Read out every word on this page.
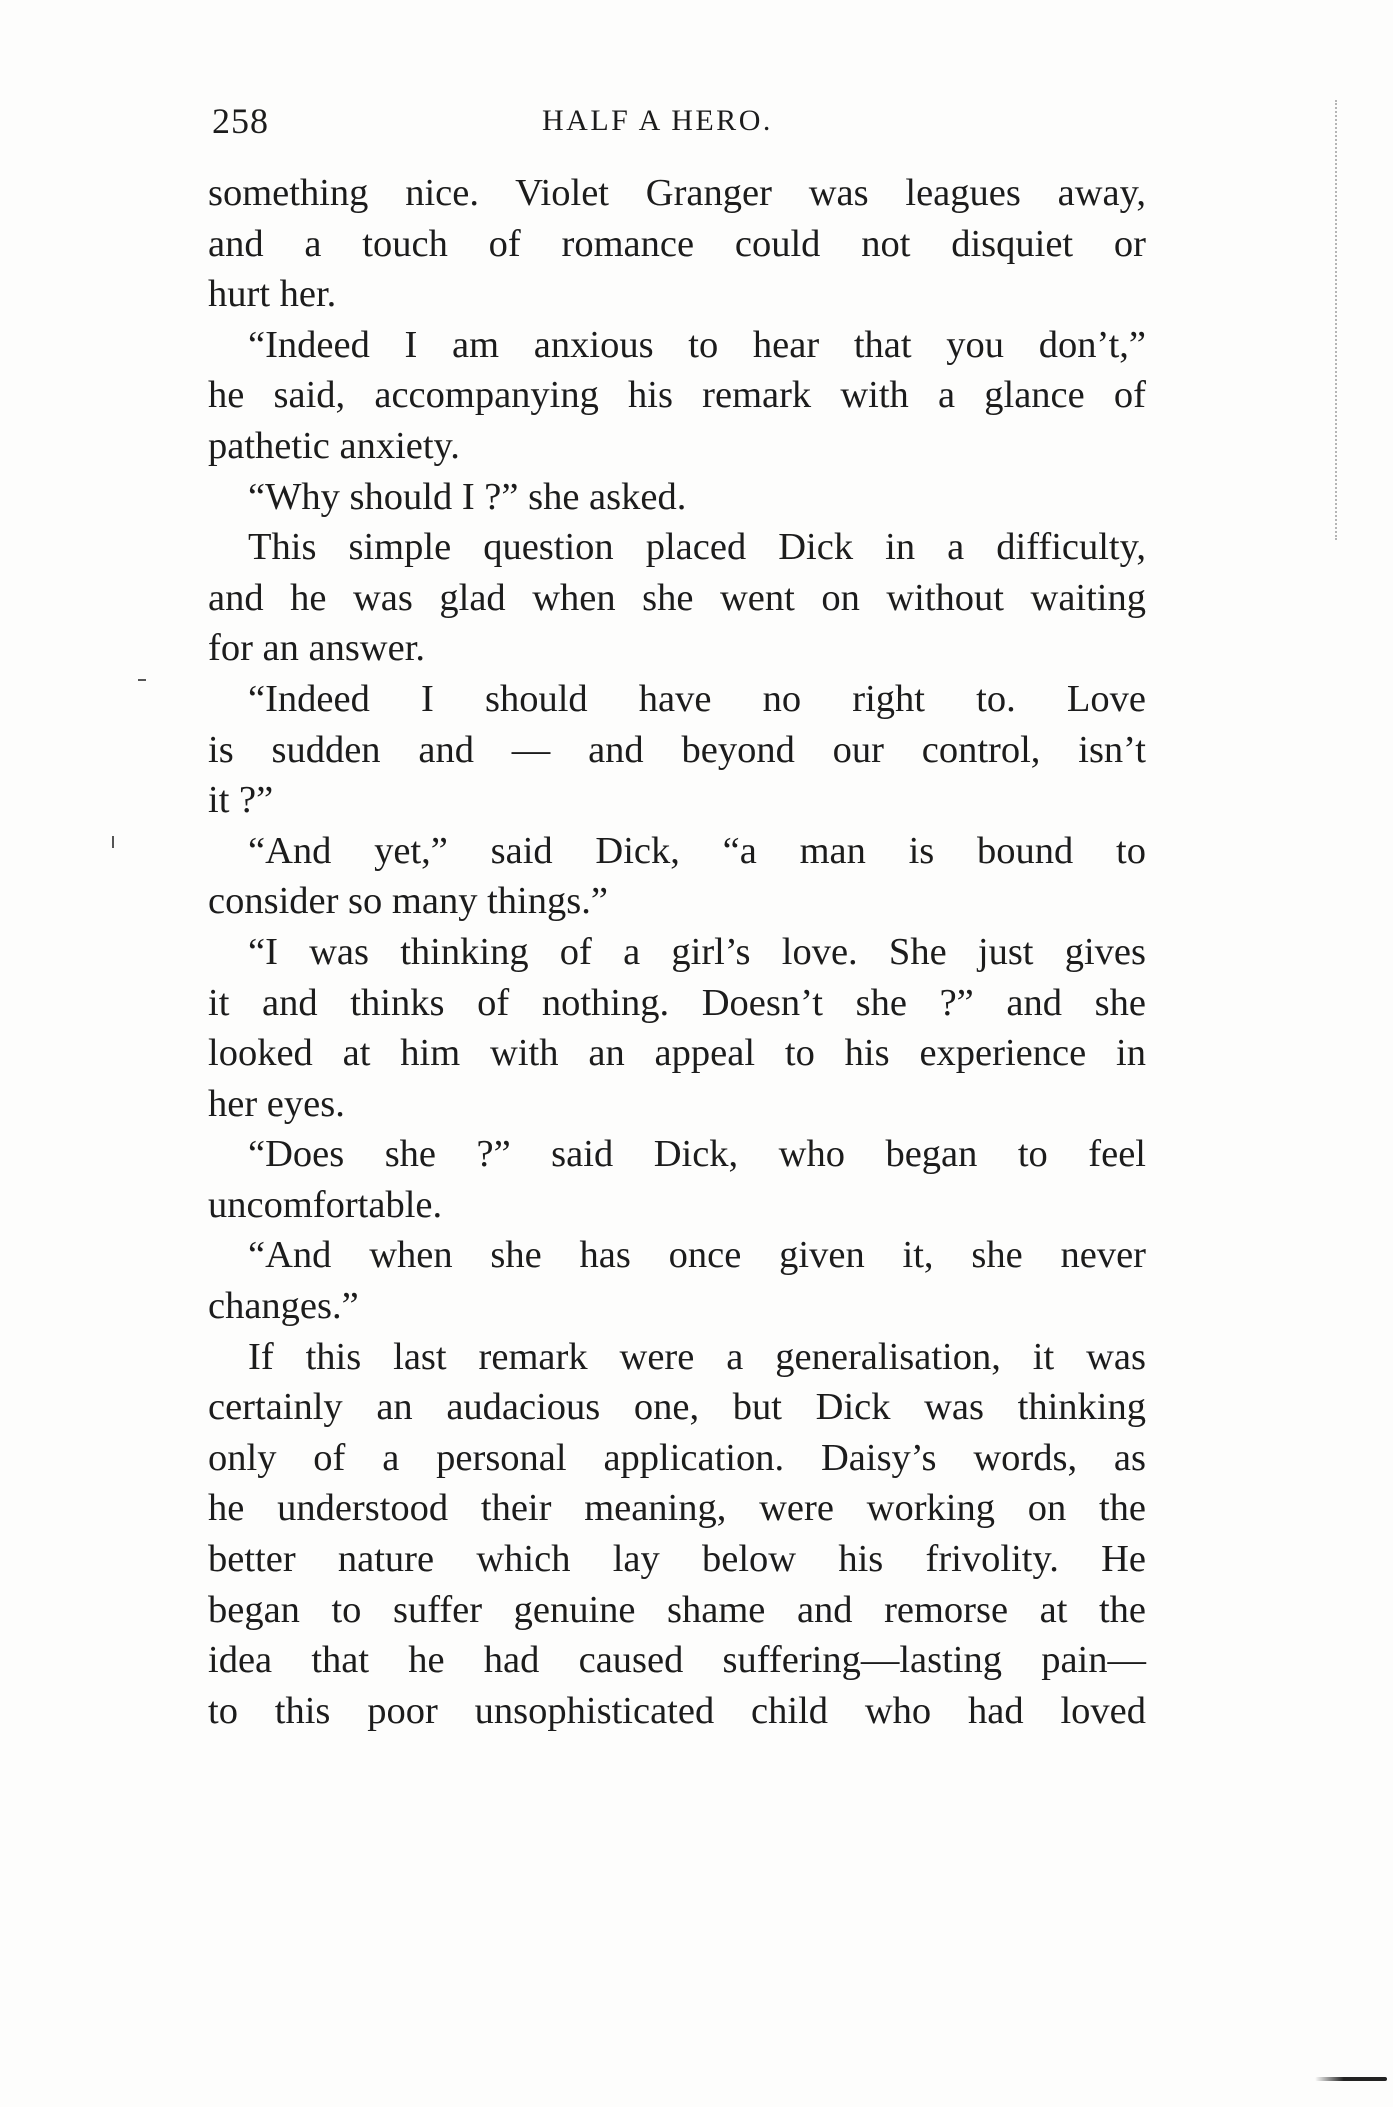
258	HALF A HERO.
something nice. Violet Granger was leagues away,
and a touch of romance could not disquiet or
hurt her.
“Indeed I am anxious to hear that you don’t,”
he said, accompanying his remark with a glance of
pathetic anxiety.
“Why should I ?” she asked.
This simple question placed Dick in a difficulty,
and he was glad when she went on without waiting
for an answer.
“Indeed I should have no right to. Love
is sudden and — and beyond our control, isn’t
it ?”
“And yet,” said Dick, “a man is bound to
consider so many things.”
“I was thinking of a girl’s love. She just gives
it and thinks of nothing. Doesn’t she ?” and she
looked at him with an appeal to his experience in
her eyes.
“Does she ?” said Dick, who began to feel
uncomfortable.
“And when she has once given it, she never
changes.”
If this last remark were a generalisation, it was
certainly an audacious one, but Dick was thinking
only of a personal application. Daisy’s words, as
he understood their meaning, were working on the
better nature which lay below his frivolity. He
began to suffer genuine shame and remorse at the
idea that he had caused suffering—lasting pain—
to this poor unsophisticated child who had loved
